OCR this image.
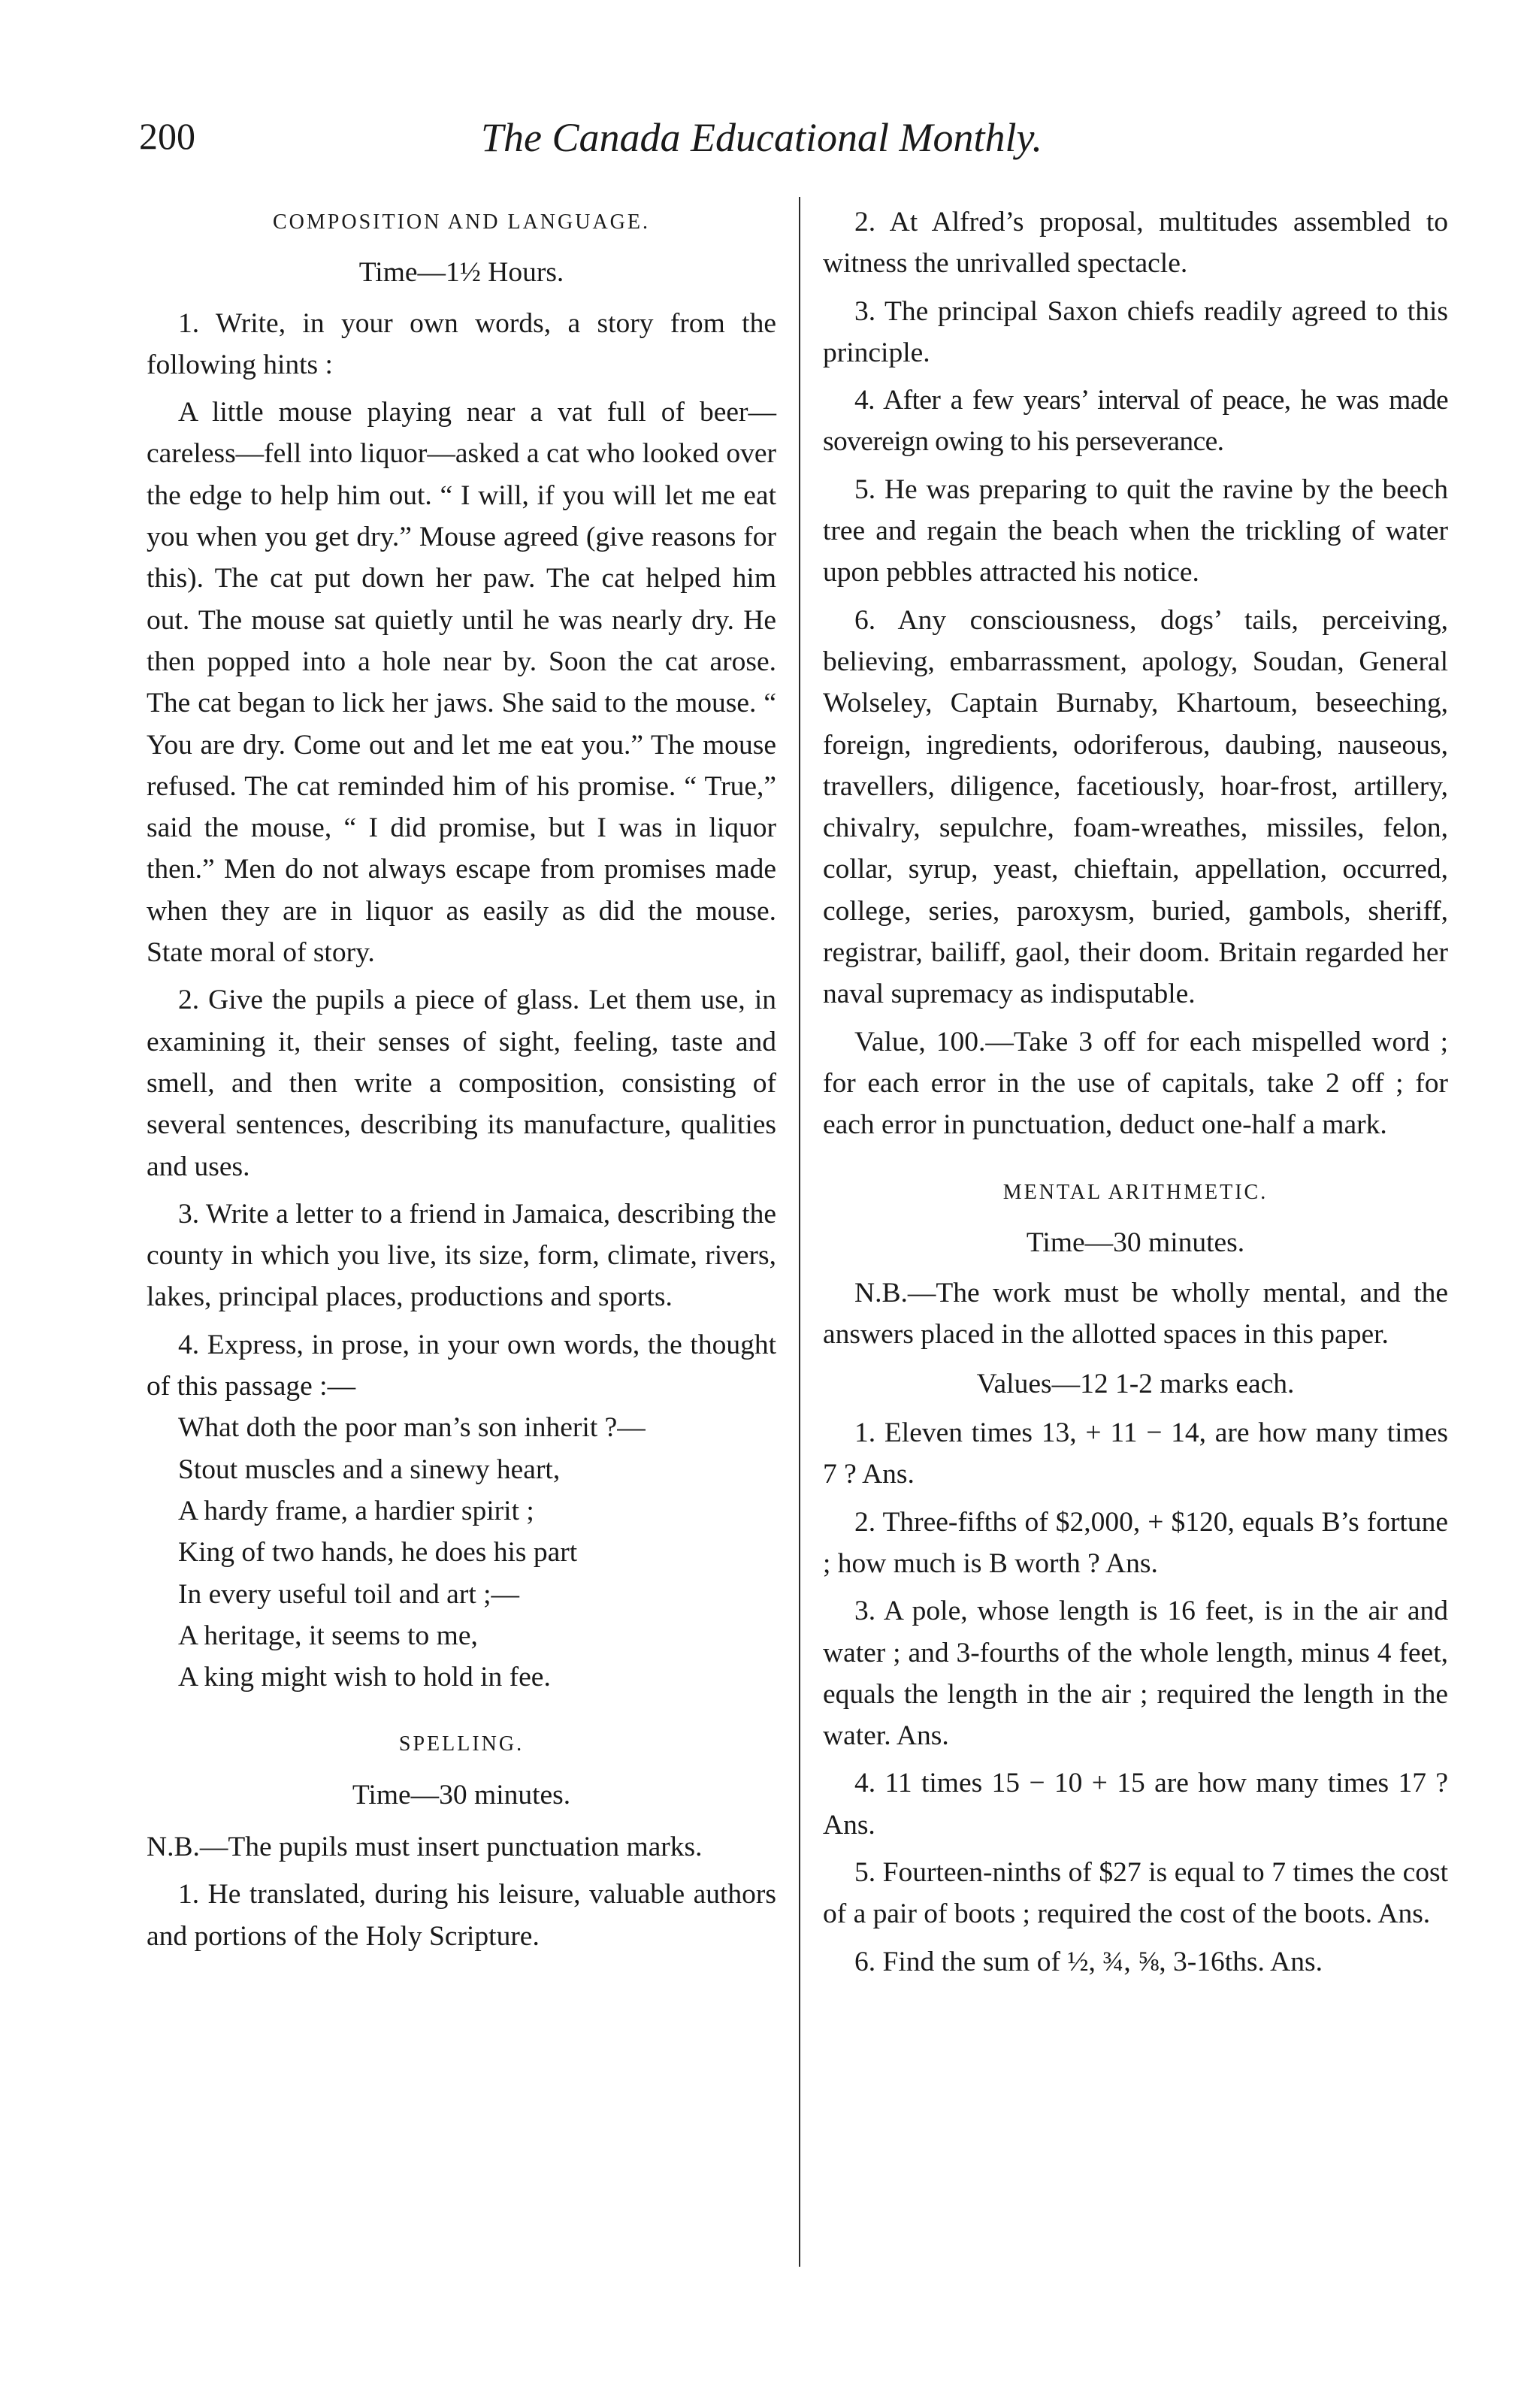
200	The Canada Educational Monthly.
COMPOSITION AND LANGUAGE.
Time—1½ Hours.

1. Write, in your own words, a story from the following hints :

A little mouse playing near a vat full of beer—careless—fell into liquor—asked a cat who looked over the edge to help him out. “ I will, if you will let me eat you when you get dry.” Mouse agreed (give reasons for this). The cat put down her paw. The cat helped him out. The mouse sat quietly until he was nearly dry. He then popped into a hole near by. Soon the cat arose. The cat began to lick her jaws. She said to the mouse. “ You are dry. Come out and let me eat you.” The mouse refused. The cat reminded him of his promise. “ True,” said the mouse, “ I did promise, but I was in liquor then.” Men do not always escape from promises made when they are in liquor as easily as did the mouse. State moral of story.

2. Give the pupils a piece of glass. Let them use, in examining it, their senses of sight, feeling, taste and smell, and then write a composition, consisting of several sentences, describing its manufacture, qualities and uses.

3. Write a letter to a friend in Jamaica, describing the county in which you live, its size, form, climate, rivers, lakes, principal places, productions and sports.

4. Express, in prose, in your own words, the thought of this passage :—

What doth the poor man’s son inherit ?—

Stout muscles and a sinewy heart,

A hardy frame, a hardier spirit ;

King of two hands, he does his part

In every useful toil and art ;—

A heritage, it seems to me,

A king might wish to hold in fee.

SPELLING.
Time—30 minutes.

N.B.—The pupils must insert punctuation marks.

1. He translated, during his leisure, valuable authors and portions of the Holy Scripture.

2. At Alfred’s proposal, multitudes assembled to witness the unrivalled spectacle.

3. The principal Saxon chiefs readily agreed to this principle.

4. After a few years’ interval of peace, he was made sovereign owing to his perseverance.

5. He was preparing to quit the ravine by the beech tree and regain the beach when the trickling of water upon pebbles attracted his notice.

6. Any consciousness, dogs’ tails, perceiving, believing, embarrassment, apology, Soudan, General Wolseley, Captain Burnaby, Khartoum, beseeching, foreign, ingredients, odoriferous, daubing, nauseous, travellers, diligence, facetiously, hoar-frost, artillery, chivalry, sepulchre, foam-wreathes, missiles, felon, collar, syrup, yeast, chieftain, appellation, occurred, college, series, paroxysm, buried, gambols, sheriff, registrar, bailiff, gaol, their doom. Britain regarded her naval supremacy as indisputable.

Value, 100.—Take 3 off for each mispelled word ; for each error in the use of capitals, take 2 off ; for each error in punctuation, deduct one-half a mark.

MENTAL ARITHMETIC.
Time—30 minutes.

N.B.—The work must be wholly mental, and the answers placed in the allotted spaces in this paper.

Values—12 1-2 marks each.

1. Eleven times 13, + 11 − 14, are how many times 7 ? Ans.

2. Three-fifths of $2,000, + $120, equals B’s fortune ; how much is B worth ? Ans.

3. A pole, whose length is 16 feet, is in the air and water ; and 3-fourths of the whole length, minus 4 feet, equals the length in the air ; required the length in the water. Ans.

4. 11 times 15 − 10 + 15 are how many times 17 ? Ans.

5. Fourteen-ninths of $27 is equal to 7 times the cost of a pair of boots ; required the cost of the boots. Ans.

6. Find the sum of ½, ¾, ⅝, 3-16ths. Ans.
